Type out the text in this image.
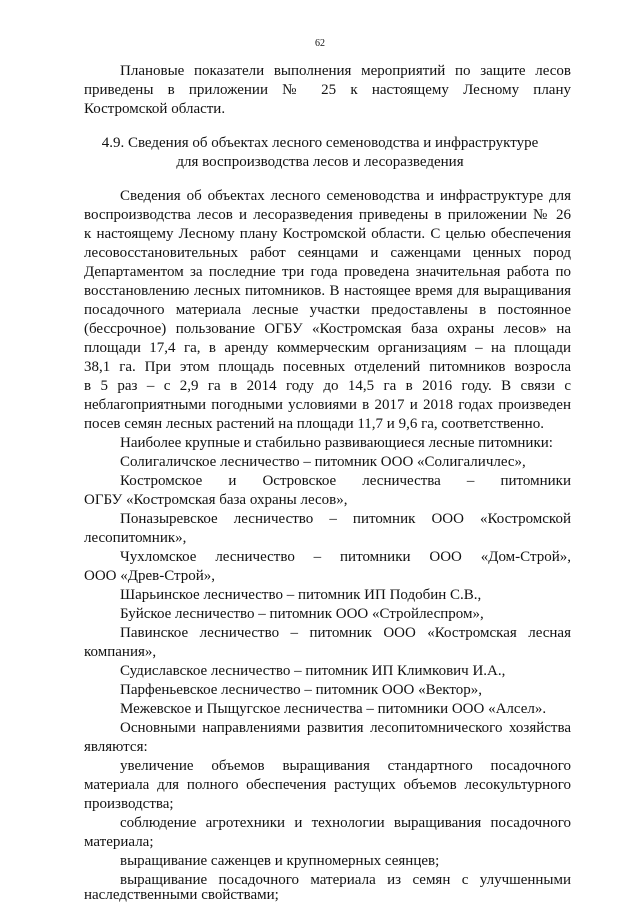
62
Плановые показатели выполнения мероприятий по защите лесов
приведены в приложении № 25 к настоящему Лесному плану
Костромской области.
4.9. Сведения об объектах лесного семеноводства и инфраструктуре
для воспроизводства лесов и лесоразведения
Сведения об объектах лесного семеноводства и инфраструктуре для
воспроизводства лесов и лесоразведения приведены в приложении № 26
к настоящему Лесному плану Костромской области. С целью обеспечения
лесовосстановительных работ сеянцами и саженцами ценных пород
Департаментом за последние три года проведена значительная работа по
восстановлению лесных питомников. В настоящее время для выращивания
посадочного материала лесные участки предоставлены в постоянное
(бессрочное) пользование ОГБУ «Костромская база охраны лесов» на
площади 17,4 га, в аренду коммерческим организациям – на площади
38,1 га. При этом площадь посевных отделений питомников возросла
в 5 раз – с 2,9 га в 2014 году до 14,5 га в 2016 году. В связи с
неблагоприятными погодными условиями в 2017 и 2018 годах произведен
посев семян лесных растений на площади 11,7 и 9,6 га, соответственно.
Наиболее крупные и стабильно развивающиеся лесные питомники:
Солигаличское лесничество – питомник ООО «Солигаличлес»,
Костромское и Островское лесничества – питомники
ОГБУ «Костромская база охраны лесов»,
Поназыревское лесничество – питомник ООО «Костромской
лесопитомник»,
Чухломское лесничество – питомники ООО «Дом-Строй»,
ООО «Древ-Строй»,
Шарьинское лесничество – питомник ИП Подобин С.В.,
Буйское лесничество – питомник ООО «Стройлеспром»,
Павинское лесничество – питомник ООО «Костромская лесная
компания»,
Судиславское лесничество – питомник ИП Климкович И.А.,
Парфеньевское лесничество – питомник ООО «Вектор»,
Межевское и Пыщугское лесничества – питомники ООО «Алсел».
Основными направлениями развития лесопитомнического хозяйства
являются:
увеличение объемов выращивания стандартного посадочного
материала для полного обеспечения растущих объемов лесокультурного
производства;
соблюдение агротехники и технологии выращивания посадочного
материала;
выращивание саженцев и крупномерных сеянцев;
выращивание посадочного материала из семян с улучшенными
наследственными свойствами;
